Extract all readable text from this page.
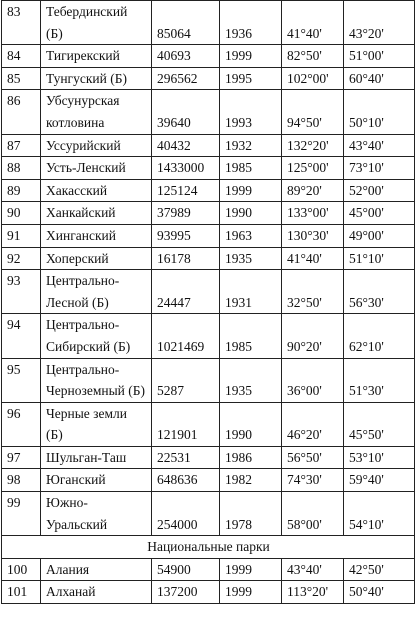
83	Тебердинский (Б)	85064	1936	41°40'	43°20'
84	Тигирекский	40693	1999	82°50'	51°00'
85	Тунгуский (Б)	296562	1995	102°00'	60°40'
86	Убсунурская котловина	39640	1993	94°50'	50°10'
87	Уссурийский	40432	1932	132°20'	43°40'
88	Усть-Ленский	1433000	1985	125°00'	73°10'
89	Хакасский	125124	1999	89°20'	52°00'
90	Ханкайский	37989	1990	133°00'	45°00'
91	Хинганский	93995	1963	130°30'	49°00'
92	Хоперский	16178	1935	41°40'	51°10'
93	Центрально- Лесной (Б)	24447	1931	32°50'	56°30'
94	Центрально- Сибирский (Б)	1021469	1985	90°20'	62°10'
95	Центрально- Черноземный (Б)	5287	1935	36°00'	51°30'
96	Черные земли (Б)	121901	1990	46°20'	45°50'
97	Шульган-Таш	22531	1986	56°50'	53°10'
98	Юганский	648636	1982	74°30'	59°40'
99	Южно- Уральский	254000	1978	58°00'	54°10'
Национальные парки					
100	Алания	54900	1999	43°40'	42°50'
101	Алханай	137200	1999	113°20'	50°40'
